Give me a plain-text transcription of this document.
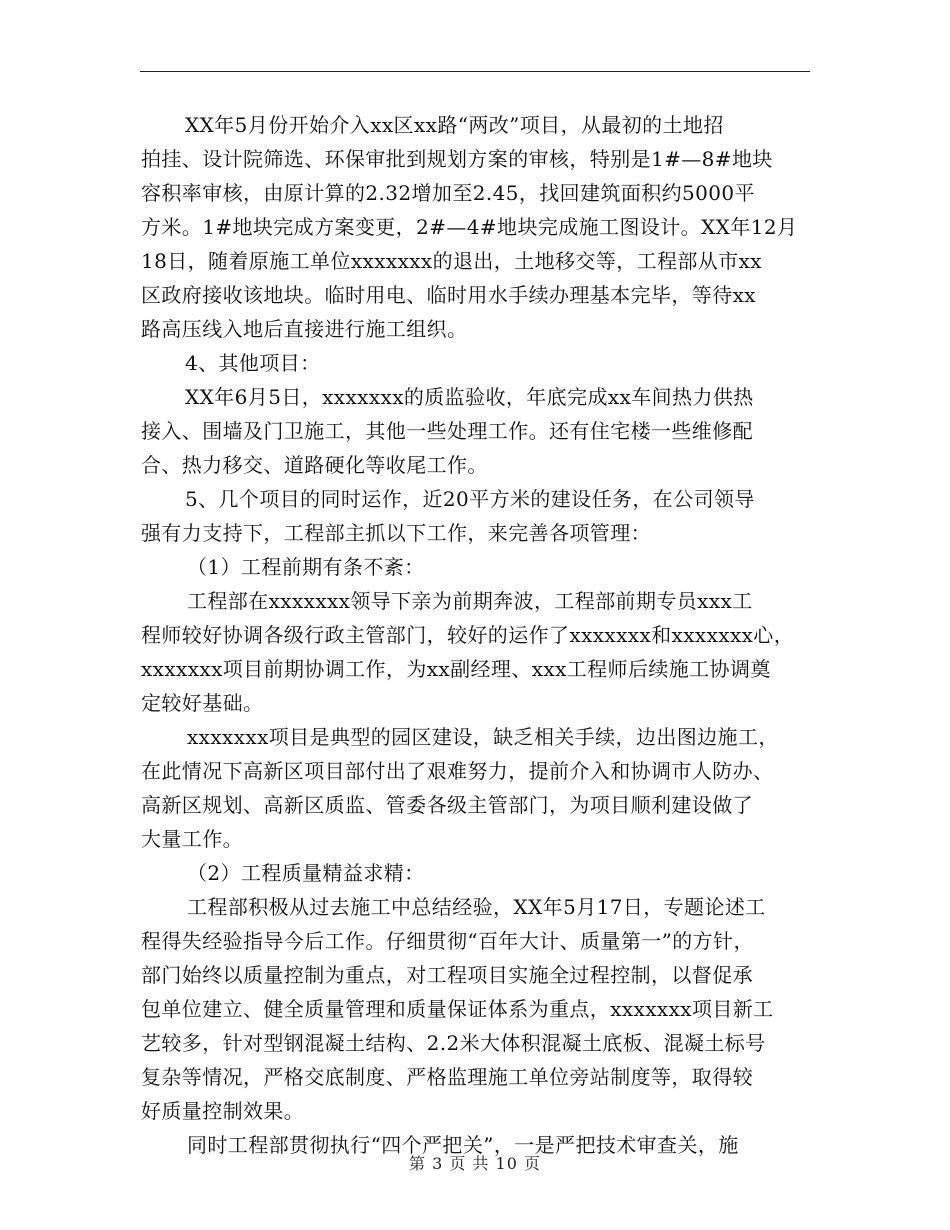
XX年5月份开始介入xx区xx路“两改”项目，从最初的土地招
拍挂、设计院筛选、环保审批到规划方案的审核，特别是1#—8#地块
容积率审核，由原计算的2.32增加至2.45，找回建筑面积约5000平
方米。1#地块完成方案变更，2#—4#地块完成施工图设计。XX年12月
18日，随着原施工单位xxxxxxx的退出，土地移交等，工程部从市xx
区政府接收该地块。临时用电、临时用水手续办理基本完毕，等待xx
路高压线入地后直接进行施工组织。
4、其他项目：
XX年6月5日，xxxxxxx的质监验收，年底完成xx车间热力供热
接入、围墙及门卫施工，其他一些处理工作。还有住宅楼一些维修配
合、热力移交、道路硬化等收尾工作。
5、几个项目的同时运作，近20平方米的建设任务，在公司领导
强有力支持下，工程部主抓以下工作，来完善各项管理：
（1）工程前期有条不紊：
工程部在xxxxxxx领导下亲为前期奔波，工程部前期专员xxx工
程师较好协调各级行政主管部门，较好的运作了xxxxxxx和xxxxxxx心，
xxxxxxx项目前期协调工作，为xx副经理、xxx工程师后续施工协调奠
定较好基础。
xxxxxxx项目是典型的园区建设，缺乏相关手续，边出图边施工，
在此情况下高新区项目部付出了艰难努力，提前介入和协调市人防办、
高新区规划、高新区质监、管委各级主管部门，为项目顺利建设做了
大量工作。
（2）工程质量精益求精：
工程部积极从过去施工中总结经验，XX年5月17日，专题论述工
程得失经验指导今后工作。仔细贯彻“百年大计、质量第一”的方针，
部门始终以质量控制为重点，对工程项目实施全过程控制，以督促承
包单位建立、健全质量管理和质量保证体系为重点，xxxxxxx项目新工
艺较多，针对型钢混凝土结构、2.2米大体积混凝土底板、混凝土标号
复杂等情况，严格交底制度、严格监理施工单位旁站制度等，取得较
好质量控制效果。
同时工程部贯彻执行“四个严把关”，一是严把技术审查关，施
第 3 页 共 10 页
